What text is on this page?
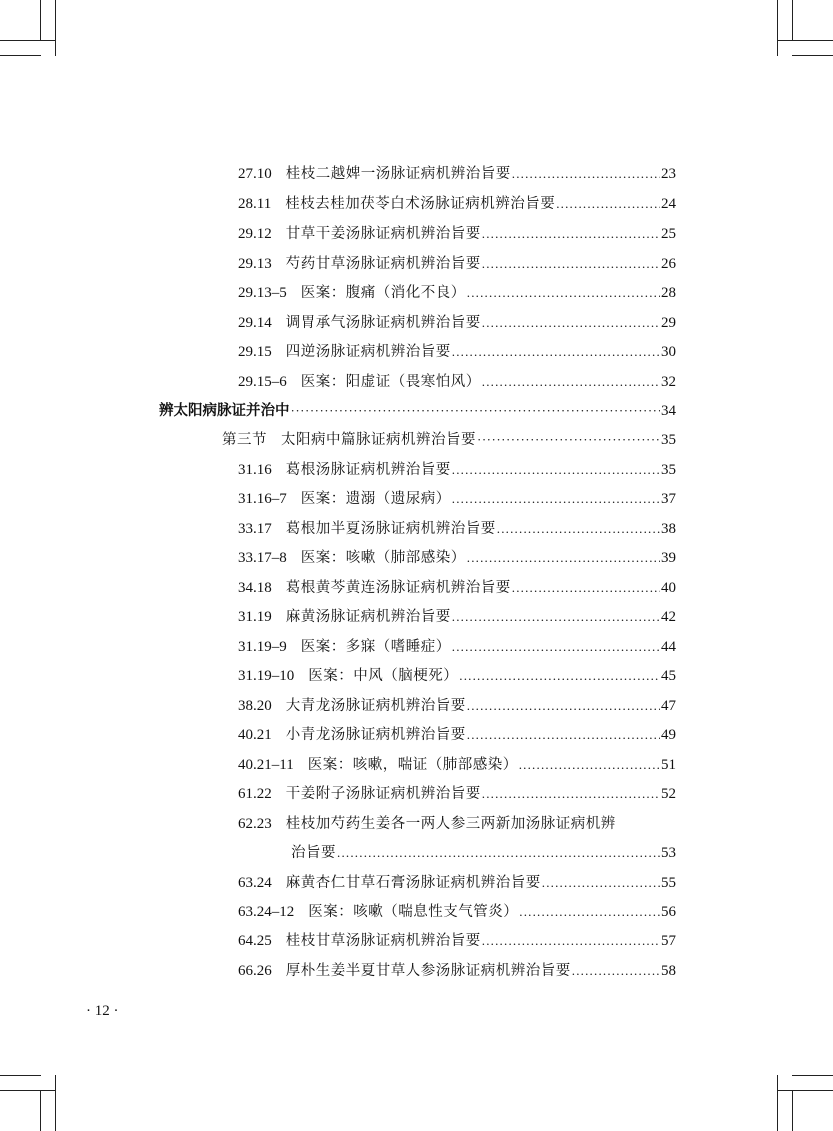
27.10 桂枝二越婢一汤脉证病机辨治旨要 .....	23
28.11 桂枝去桂加茯苓白术汤脉证病机辨治旨要 .....	24
29.12 甘草干姜汤脉证病机辨治旨要 .....	25
29.13 芍药甘草汤脉证病机辨治旨要 .....	26
29.13–5 医案：腹痛（消化不良） .....	28
29.14 调胃承气汤脉证病机辨治旨要 .....	29
29.15 四逆汤脉证病机辨治旨要 .....	30
29.15–6 医案：阳虚证（畏寒怕风） .....	32
辨太阳病脉证并治中 ·····	34
第三节 太阳病中篇脉证病机辨治旨要 ·····	35
31.16 葛根汤脉证病机辨治旨要 .....	35
31.16–7 医案：遗溺（遗尿病） .....	37
33.17 葛根加半夏汤脉证病机辨治旨要 .....	38
33.17–8 医案：咳嗽（肺部感染） .....	39
34.18 葛根黄芩黄连汤脉证病机辨治旨要 .....	40
31.19 麻黄汤脉证病机辨治旨要 .....	42
31.19–9 医案：多寐（嗜睡症） .....	44
31.19–10 医案：中风（脑梗死） .....	45
38.20 大青龙汤脉证病机辨治旨要 .....	47
40.21 小青龙汤脉证病机辨治旨要 .....	49
40.21–11 医案：咳嗽，喘证（肺部感染） .....	51
61.22 干姜附子汤脉证病机辨治旨要 .....	52
62.23 桂枝加芍药生姜各一两人参三两新加汤脉证病机辨
治旨要 .....	53
63.24 麻黄杏仁甘草石膏汤脉证病机辨治旨要 .....	55
63.24–12 医案：咳嗽（喘息性支气管炎） .....	56
64.25 桂枝甘草汤脉证病机辨治旨要 .....	57
66.26 厚朴生姜半夏甘草人参汤脉证病机辨治旨要 .....	58
· 12 ·
